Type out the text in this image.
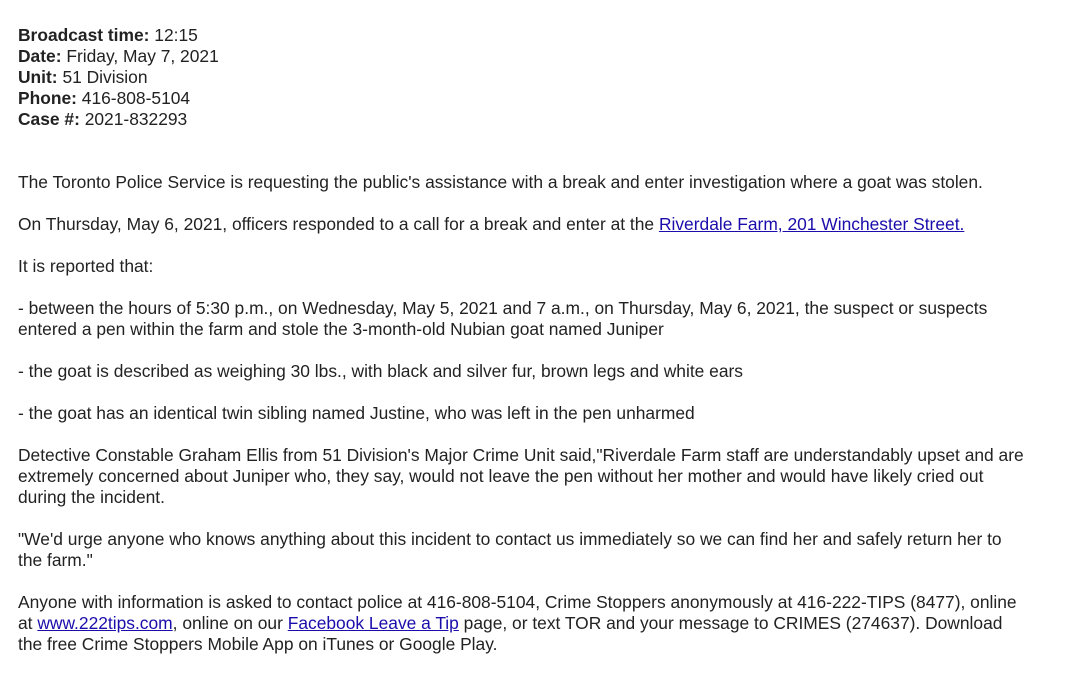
Broadcast time: 12:15
Date: Friday, May 7, 2021
Unit: 51 Division
Phone: 416-808-5104
Case #: 2021-832293

The Toronto Police Service is requesting the public's assistance with a break and enter investigation where a goat was stolen.

On Thursday, May 6, 2021, officers responded to a call for a break and enter at the Riverdale Farm, 201 Winchester Street.

It is reported that:

- between the hours of 5:30 p.m., on Wednesday, May 5, 2021 and 7 a.m., on Thursday, May 6, 2021, the suspect or suspects entered a pen within the farm and stole the 3-month-old Nubian goat named Juniper

- the goat is described as weighing 30 lbs., with black and silver fur, brown legs and white ears

- the goat has an identical twin sibling named Justine, who was left in the pen unharmed

Detective Constable Graham Ellis from 51 Division's Major Crime Unit said,"Riverdale Farm staff are understandably upset and are extremely concerned about Juniper who, they say, would not leave the pen without her mother and would have likely cried out during the incident.

"We'd urge anyone who knows anything about this incident to contact us immediately so we can find her and safely return her to the farm."

Anyone with information is asked to contact police at 416-808-5104, Crime Stoppers anonymously at 416-222-TIPS (8477), online at www.222tips.com, online on our Facebook Leave a Tip page, or text TOR and your message to CRIMES (274637). Download the free Crime Stoppers Mobile App on iTunes or Google Play.
